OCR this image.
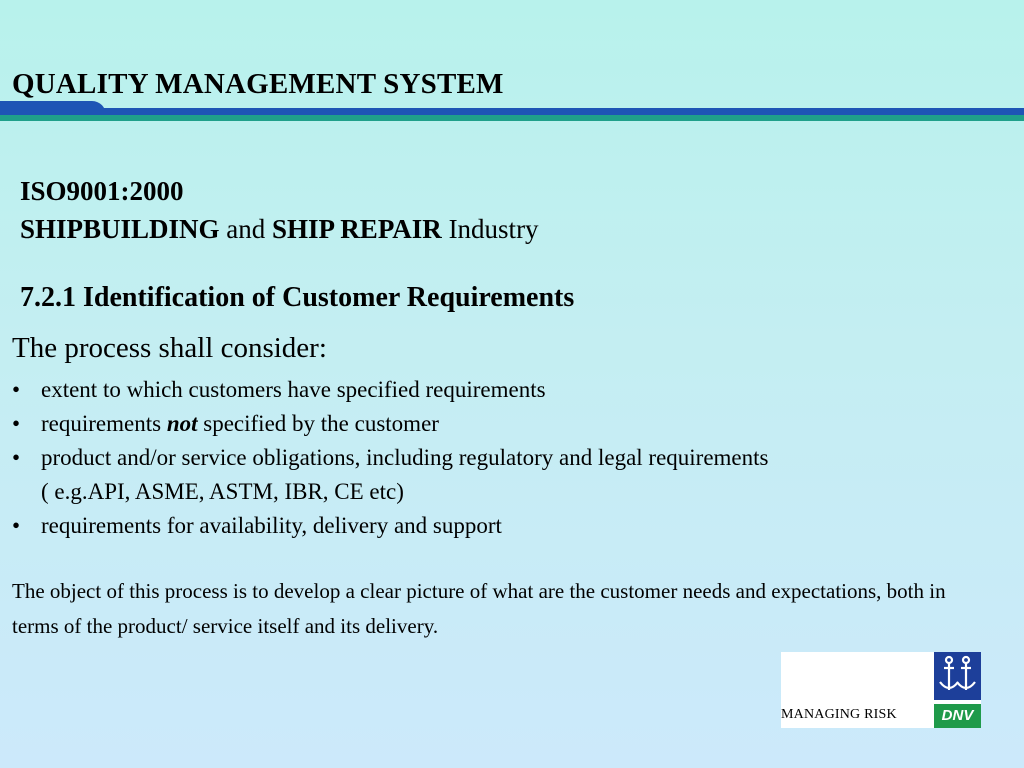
QUALITY MANAGEMENT SYSTEM
ISO9001:2000
SHIPBUILDING and SHIP REPAIR Industry
7.2.1 Identification of Customer Requirements
The process shall consider:
• extent to which customers have specified requirements
• requirements not specified by the customer
• product and/or service obligations, including regulatory and legal requirements
( e.g.API, ASME, ASTM, IBR, CE etc)
• requirements for availability, delivery and support
The object of this process is to develop a clear picture of what are the customer needs and expectations, both in terms of the product/ service itself and its delivery.
MANAGING RISK	DNV
